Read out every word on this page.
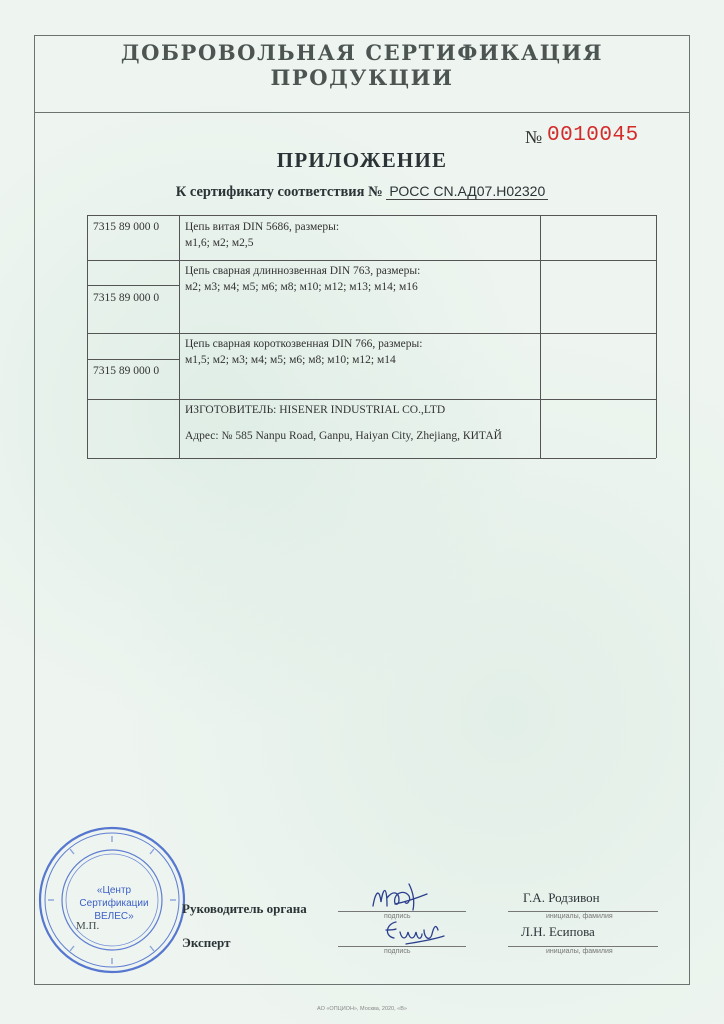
ДОБРОВОЛЬНАЯ СЕРТИФИКАЦИЯ ПРОДУКЦИИ
№ 0010045
ПРИЛОЖЕНИЕ
К сертификату соответствия № РОСС CN.АД07.Н02320
7315 89 000 0 Цепь витая DIN 5686, размеры:
м1,6; м2; м2,5
7315 89 000 0
Цепь сварная длиннозвенная DIN 763, размеры:
м2; м3; м4; м5; м6; м8; м10; м12; м13; м14; м16
7315 89 000 0
Цепь сварная короткозвенная DIN 766, размеры:
м1,5; м2; м3; м4; м5; м6; м8; м10; м12; м14
ИЗГОТОВИТЕЛЬ: HISENER INDUSTRIAL CO.,LTD
Адрес: № 585 Nanpu Road, Ganpu, Haiyan City, Zhejiang, КИТАЙ
«Центр
Сертификации
ВЕЛЕС»
М.П.
Руководитель органа
подпись
Г.А. Родзивон
инициалы, фамилия
Эксперт
подпись
Л.Н. Есипова
инициалы, фамилия
АО «ОПЦИОН», Москва, 2020, «В»
